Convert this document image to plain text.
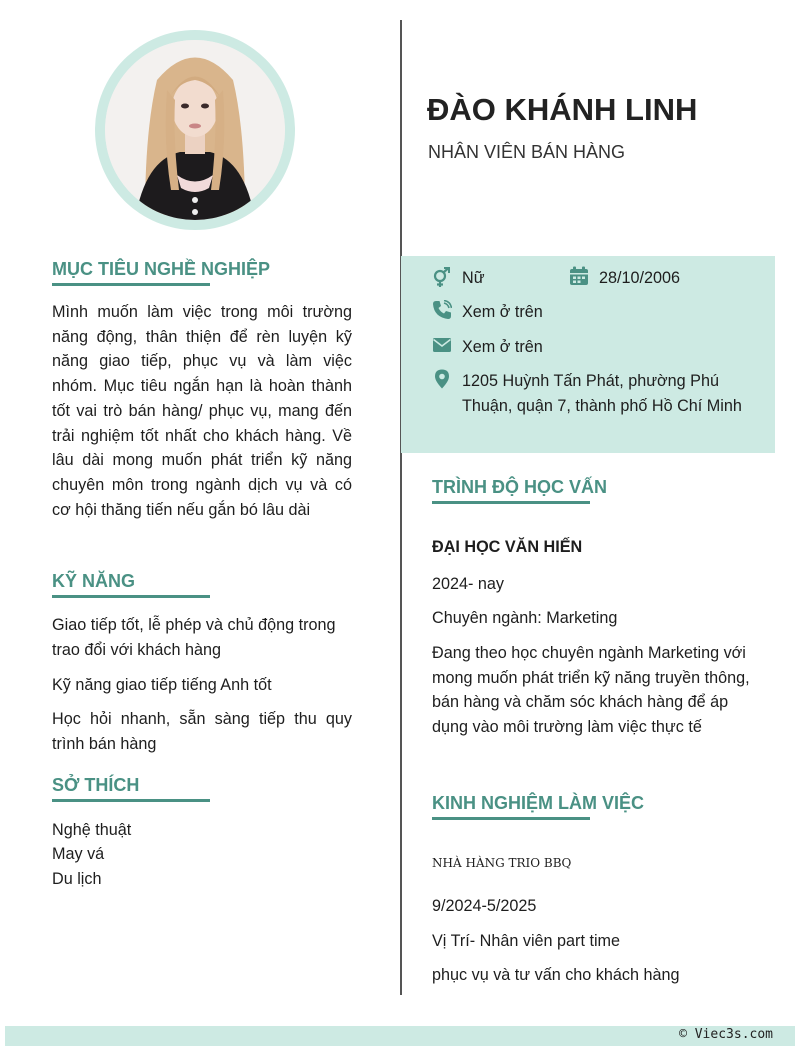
MỤC TIÊU NGHỀ NGHIỆP
Mình muốn làm việc trong môi trường năng động, thân thiện để rèn luyện kỹ năng giao tiếp, phục vụ và làm việc nhóm. Mục tiêu ngắn hạn là hoàn thành tốt vai trò bán hàng/ phục vụ, mang đến trải nghiệm tốt nhất cho khách hàng. Về lâu dài mong muốn phát triển kỹ năng chuyên môn trong ngành dịch vụ và có cơ hội thăng tiến nếu gắn bó lâu dài
KỸ NĂNG
Giao tiếp tốt, lễ phép và chủ động trong trao đổi với khách hàng
Kỹ năng giao tiếp tiếng Anh tốt
Học hỏi nhanh, sẵn sàng tiếp thu quy trình bán hàng
SỞ THÍCH
Nghệ thuật
May vá
Du lịch
ĐÀO KHÁNH LINH
NHÂN VIÊN BÁN HÀNG
Nữ	28/10/2006
Xem ở trên
Xem ở trên
1205 Huỳnh Tấn Phát, phường Phú Thuận, quận 7, thành phố Hồ Chí Minh
TRÌNH ĐỘ HỌC VẤN
ĐẠI HỌC VĂN HIẾN
2024- nay
Chuyên ngành: Marketing
Đang theo học chuyên ngành Marketing với mong muốn phát triển kỹ năng truyền thông, bán hàng và chăm sóc khách hàng để áp dụng vào môi trường làm việc thực tế
KINH NGHIỆM LÀM VIỆC
NHÀ HÀNG TRIO BBQ
9/2024-5/2025
Vị Trí- Nhân viên part time
phục vụ và tư vấn cho khách hàng
© Viec3s.com
